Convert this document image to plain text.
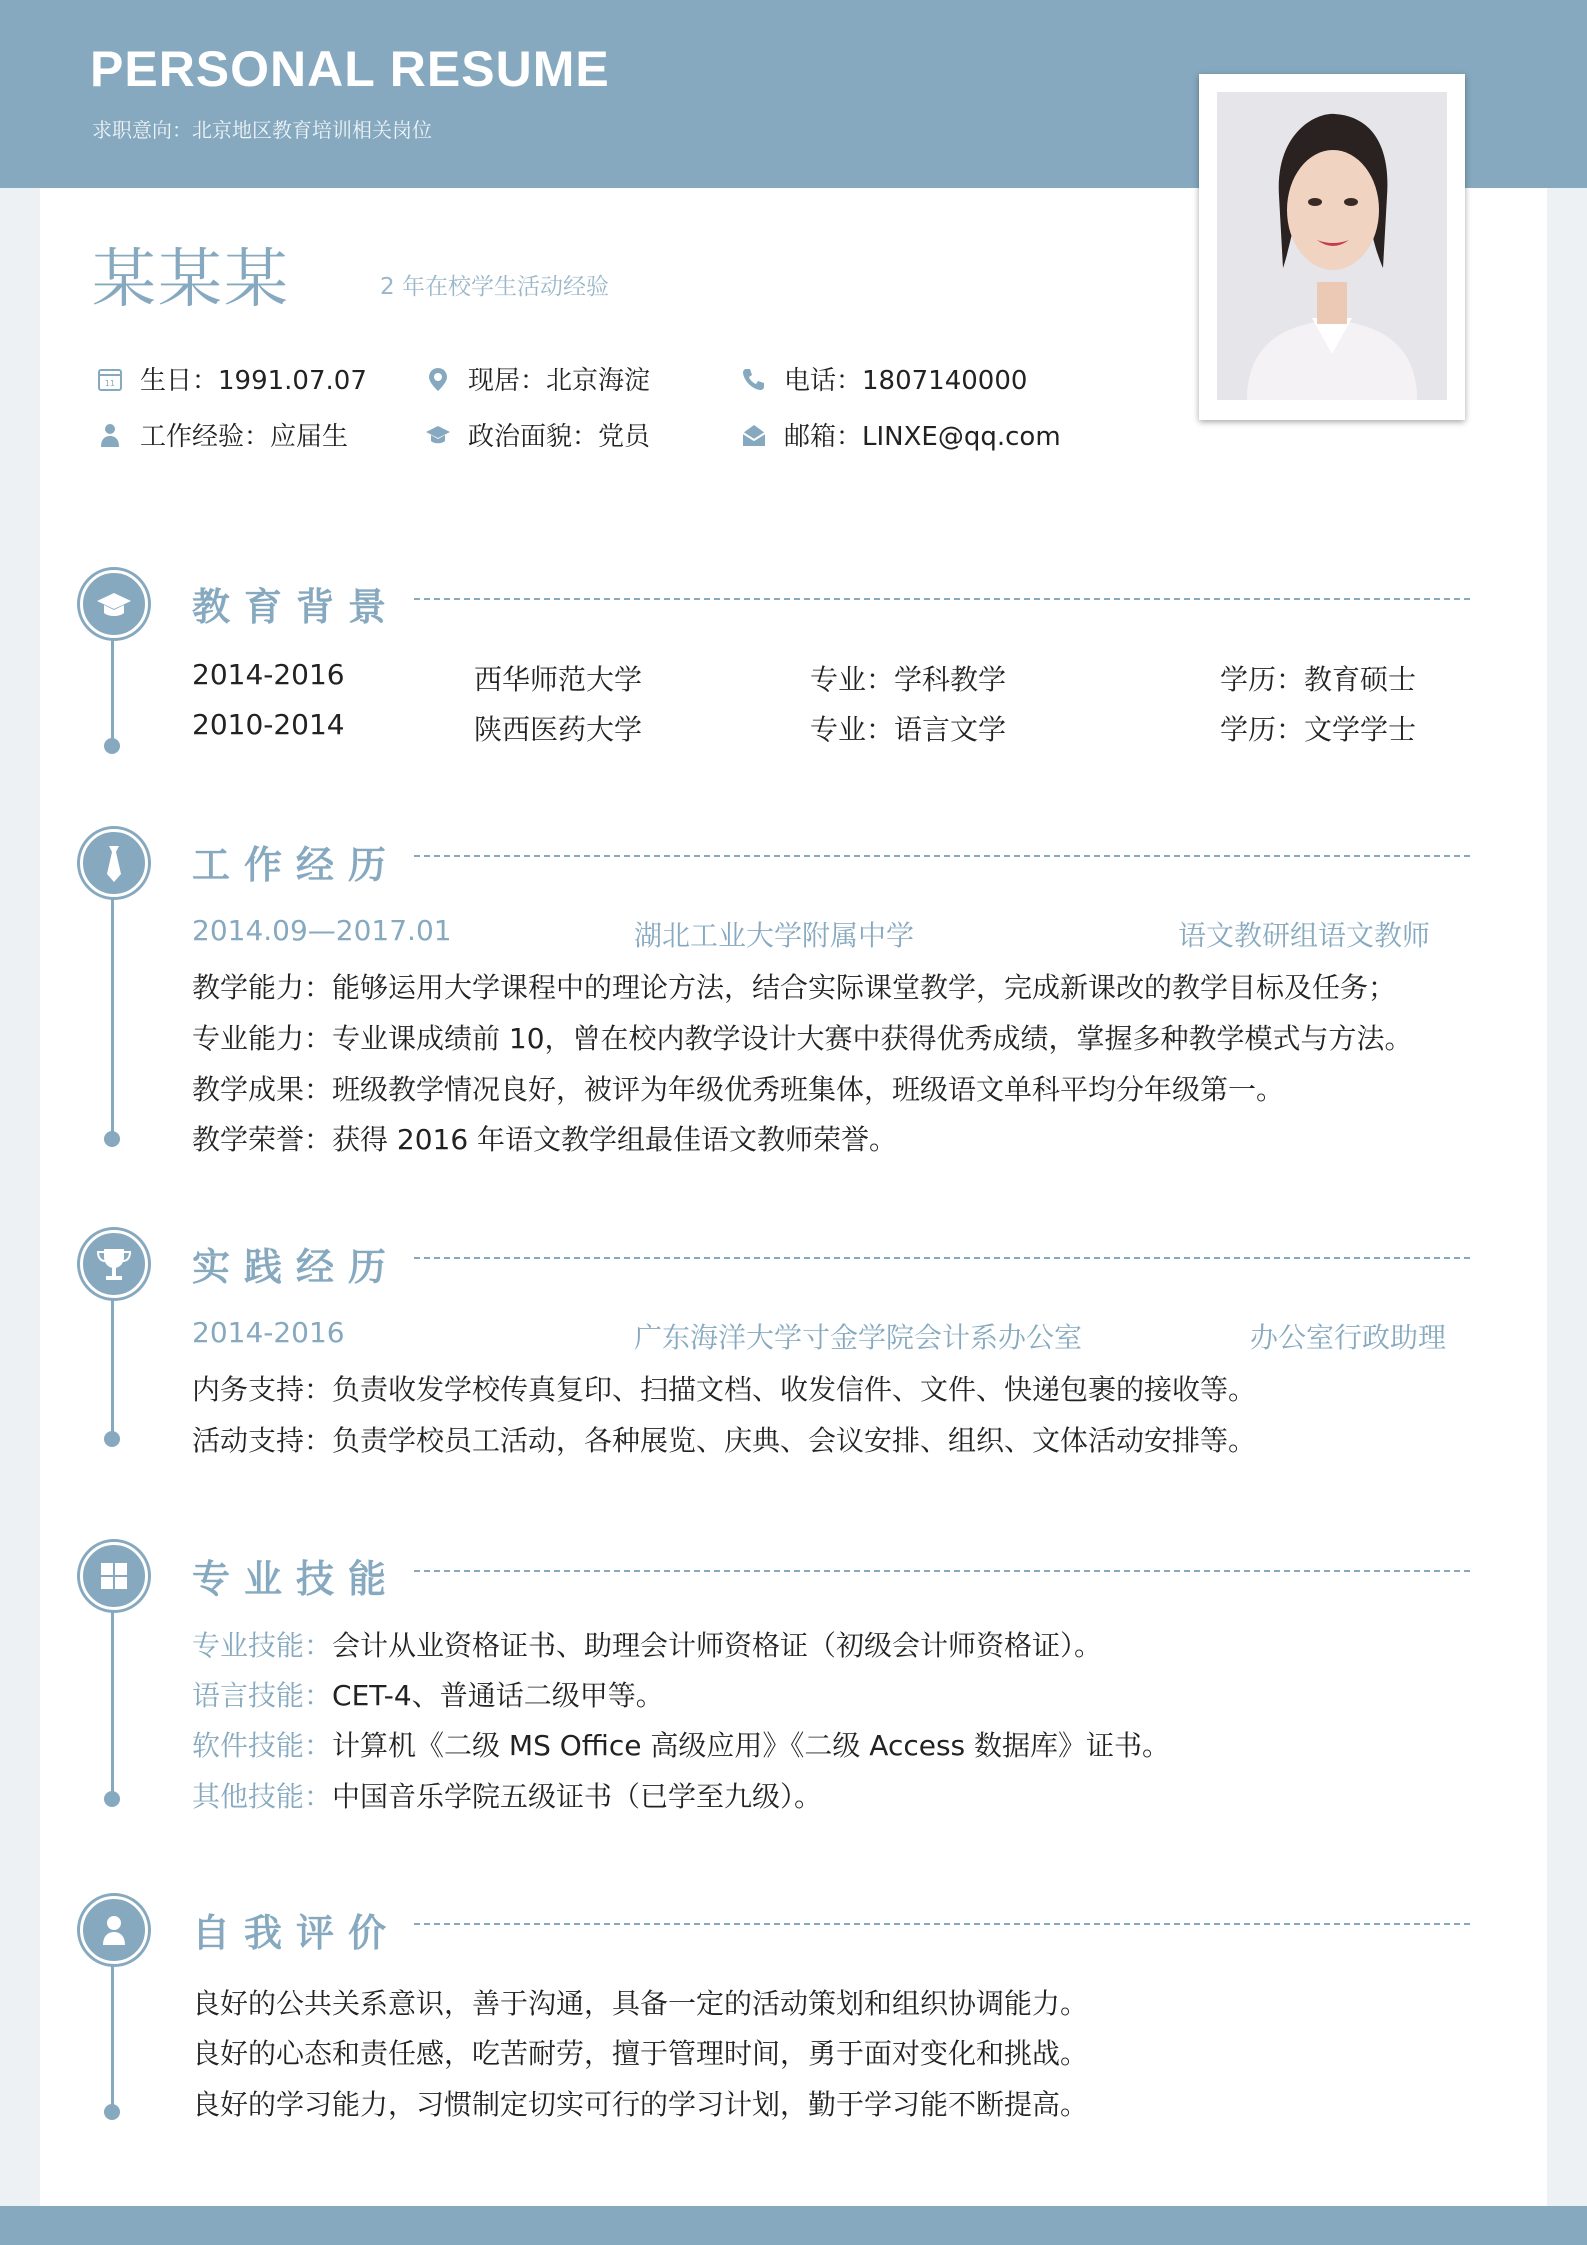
PERSONAL RESUME
求职意向：北京地区教育培训相关岗位
某某某	2 年在校学生活动经验
11 生日：1991.07.07	现居：北京海淀	电话：1807140000
工作经验：应届生	政治面貌：党员	邮箱：LINXE@qq.com
教育背景
2014-2016	西华师范大学	专业：学科教学	学历：教育硕士
2010-2014	陕西医药大学	专业：语言文学	学历：文学学士
工作经历
2014.09—2017.01	湖北工业大学附属中学	语文教研组语文教师
教学能力：能够运用大学课程中的理论方法，结合实际课堂教学，完成新课改的教学目标及任务；
专业能力：专业课成绩前 10，曾在校内教学设计大赛中获得优秀成绩，掌握多种教学模式与方法。
教学成果：班级教学情况良好，被评为年级优秀班集体，班级语文单科平均分年级第一。
教学荣誉：获得 2016 年语文教学组最佳语文教师荣誉。
实践经历
2014-2016	广东海洋大学寸金学院会计系办公室	办公室行政助理
内务支持：负责收发学校传真复印、扫描文档、收发信件、文件、快递包裹的接收等。
活动支持：负责学校员工活动，各种展览、庆典、会议安排、组织、文体活动安排等。
专业技能
专业技能：会计从业资格证书、助理会计师资格证（初级会计师资格证）。
语言技能：CET-4、普通话二级甲等。
软件技能：计算机《二级 MS Office 高级应用》《二级 Access 数据库》证书。
其他技能：中国音乐学院五级证书（已学至九级）。
自我评价
良好的公共关系意识，善于沟通，具备一定的活动策划和组织协调能力。
良好的心态和责任感，吃苦耐劳，擅于管理时间，勇于面对变化和挑战。
良好的学习能力，习惯制定切实可行的学习计划，勤于学习能不断提高。
